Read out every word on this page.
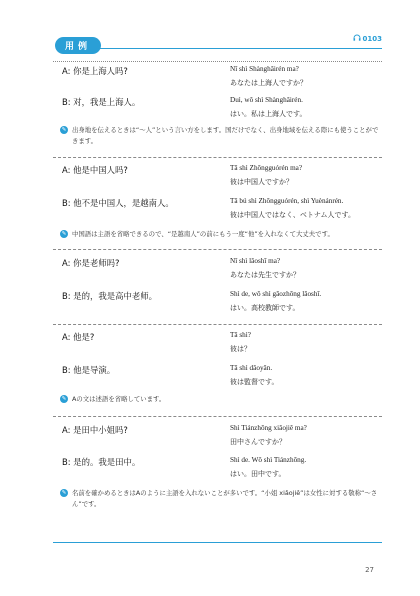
用例
0103
A: 你是上海人吗?	Nǐ shì Shànghǎirén ma?
あなたは上海人ですか？
B: 对，我是上海人。	Duì, wǒ shì Shànghǎirén.
はい。私は上海人です。
✎ 出身地を伝えるときは“～人”という言い方をします。国だけでなく、出身地域を伝える際にも使うことができます。
A: 他是中国人吗?	Tā shì Zhōngguórén ma?
彼は中国人ですか？
B: 他不是中国人，是越南人。	Tā bú shì Zhōngguórén, shì Yuènánrén.
彼は中国人ではなく、ベトナム人です。
✎ 中国語は主語を省略できるので、“是越南人”の前にもう一度“他”を入れなくて大丈夫です。
A: 你是老师吗?	Nǐ shì lǎoshī ma?
あなたは先生ですか？
B: 是的，我是高中老师。	Shì de, wǒ shì gāozhōng lǎoshī.
はい。高校教師です。
A: 他是?	Tā shì?
彼は？
B: 他是导演。	Tā shì dǎoyǎn.
彼は監督です。
✎ Aの文は述語を省略しています。
A: 是田中小姐吗?	Shì Tiánzhōng xiǎojiě ma?
田中さんですか？
B: 是的。我是田中。	Shì de. Wǒ shì Tiánzhōng.
はい。田中です。
✎ 名前を確かめるときはAのように主語を入れないことが多いです。“小姐 xiǎojiě”は女性に対する敬称“～さん”です。
27
